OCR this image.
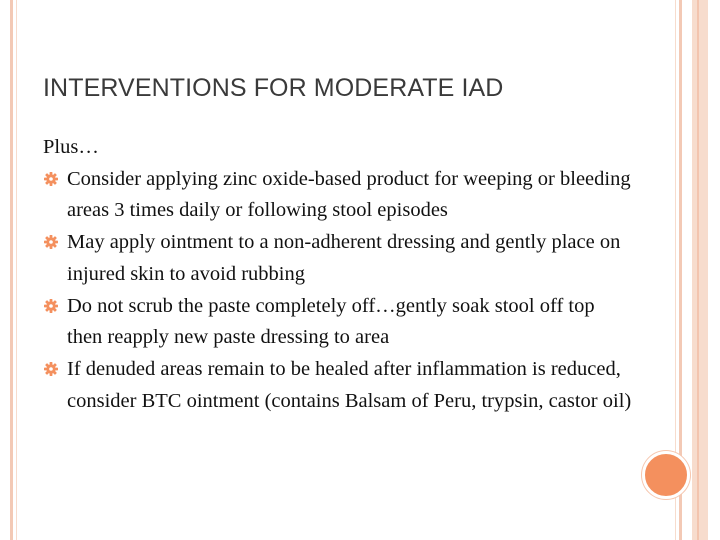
INTERVENTIONS FOR MODERATE IAD

Plus…

Consider applying zinc oxide-based product for weeping or bleeding areas 3 times daily or following stool episodes
May apply ointment to a non-adherent dressing and gently place on injured skin to avoid rubbing
Do not scrub the paste completely off…gently soak stool off top then reapply new paste dressing to area
If denuded areas remain to be healed after inflammation is reduced, consider BTC ointment (contains Balsam of Peru, trypsin, castor oil)
